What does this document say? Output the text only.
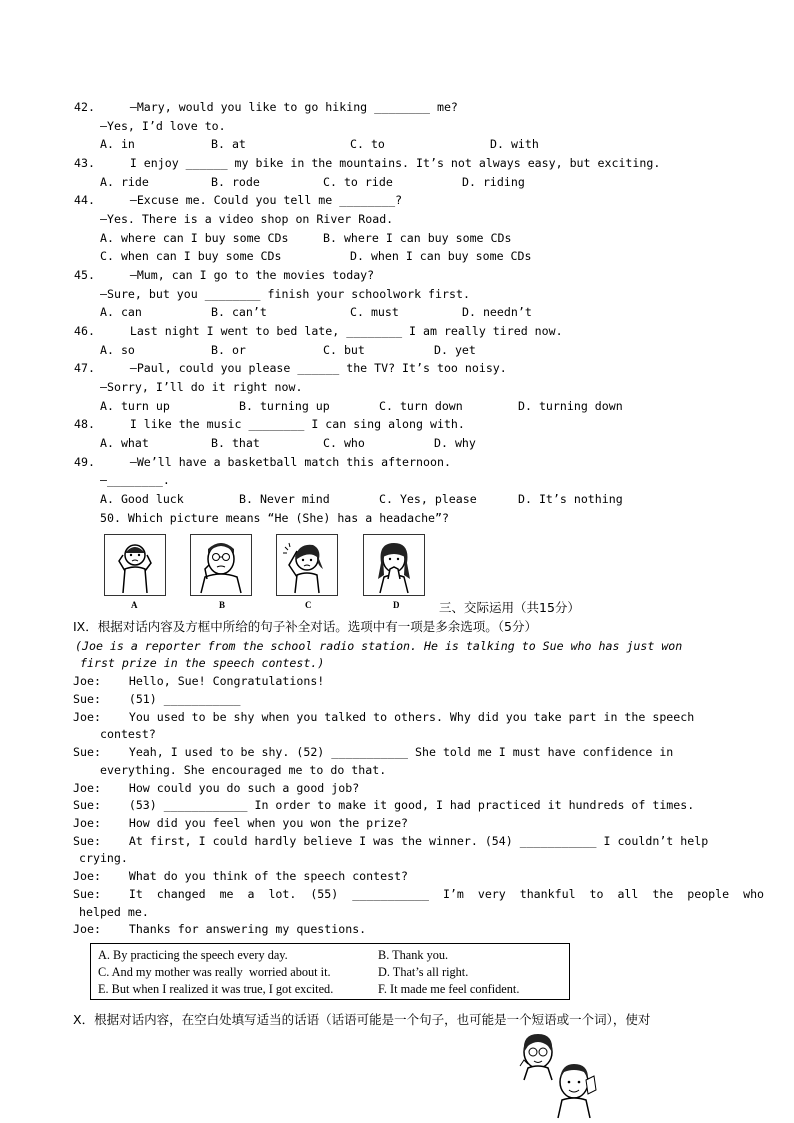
42.     —Mary, would you like to go hiking ________ me?
—Yes, I’d love to.
A. in	B. at	C. to	D. with
43.     I enjoy ______ my bike in the mountains. It’s not always easy, but exciting.
A. ride	B. rode	C. to ride	D. riding
44.     —Excuse me. Could you tell me ________?
—Yes. There is a video shop on River Road.
A. where can I buy some CDs	B. where I can buy some CDs
C. when can I buy some CDs	D. when I can buy some CDs
45.     —Mum, can I go to the movies today?
—Sure, but you ________ finish your schoolwork first.
A. can	B. can’t	C. must	D. needn’t
46.     Last night I went to bed late, ________ I am really tired now.
A. so	B. or	C. but	D. yet
47.     —Paul, could you please ______ the TV? It’s too noisy.
—Sorry, I’ll do it right now.
A. turn up	B. turning up	C. turn down	D. turning down
48.     I like the music ________ I can sing along with.
A. what	B. that	C. who	D. why
49.     —We’ll have a basketball match this afternoon.
—________.
A. Good luck	B. Never mind	C. Yes, please	D. It’s nothing
50. Which picture means “He (She) has a headache”?
A	B	C	D	三、交际运用（共15分）
IX．根据对话内容及方框中所给的句子补全对话。选项中有一项是多余选项。（5分）
(Joe is a reporter from the school radio station. He is talking to Sue who has just won
first prize in the speech contest.)
Joe:    Hello, Sue! Congratulations!
Sue:    (51) ___________
Joe:    You used to be shy when you talked to others. Why did you take part in the speech
contest?
Sue:    Yeah, I used to be shy. (52) ___________ She told me I must have confidence in
everything. She encouraged me to do that.
Joe:    How could you do such a good job?
Sue:    (53) ____________ In order to make it good, I had practiced it hundreds of times.
Joe:    How did you feel when you won the prize?
Sue:    At first, I could hardly believe I was the winner. (54) ___________ I couldn’t help
crying.
Joe:    What do you think of the speech contest?
Sue:    It  changed  me  a  lot.  (55)  ___________  I’m  very  thankful  to  all  the  people  who
helped me.
Joe:    Thanks for answering my questions.
A. By practicing the speech every day.	B. Thank you.
C. And my mother was really  worried about it.	D. That’s all right.
E. But when I realized it was true, I got excited.	F. It made me feel confident.
X．根据对话内容，在空白处填写适当的话语（话语可能是一个句子，也可能是一个短语或一个词），使对
